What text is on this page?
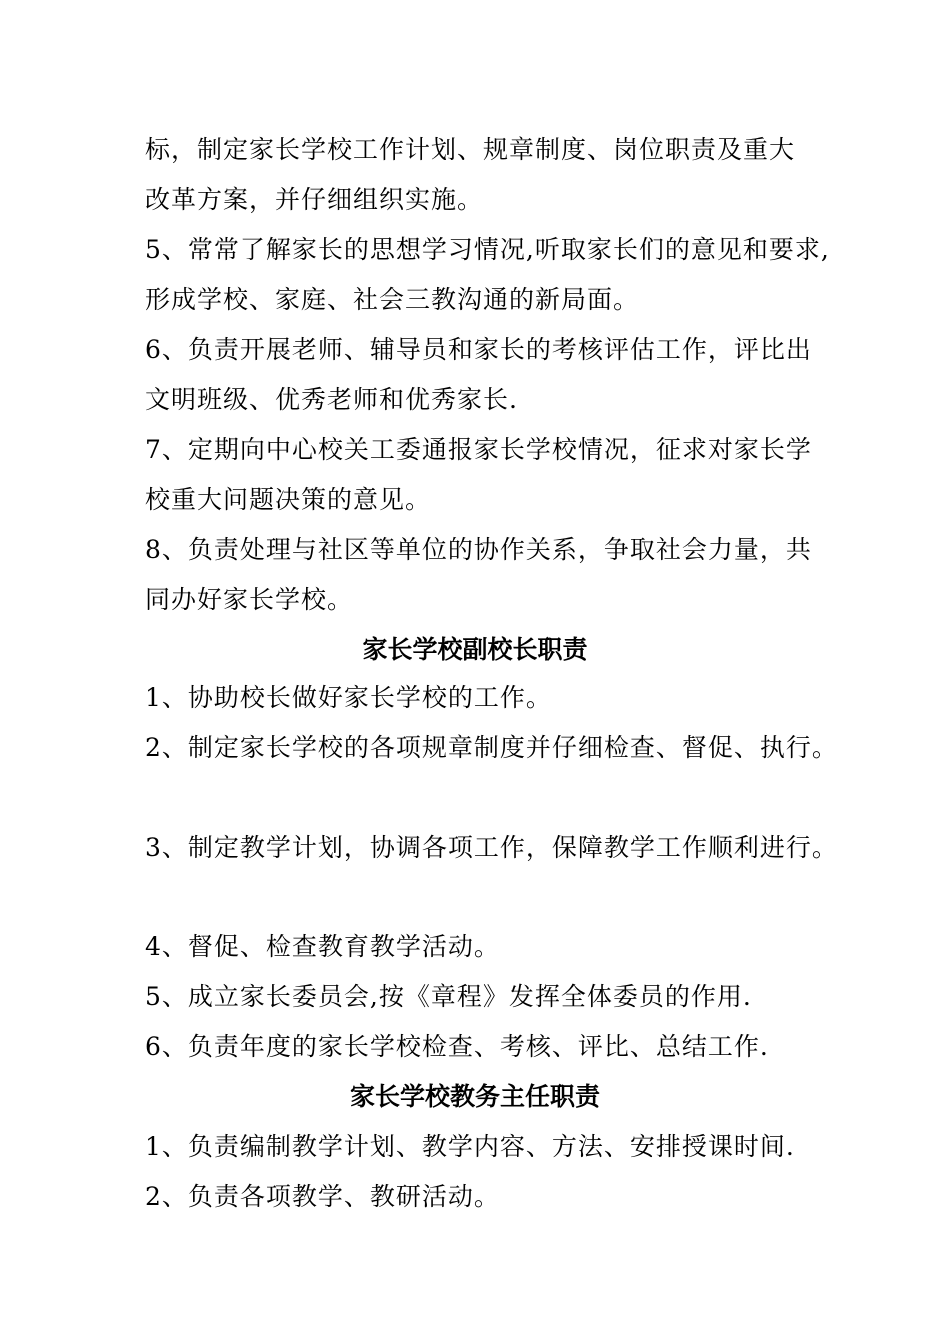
标，制定家长学校工作计划、规章制度、岗位职责及重大
改革方案，并仔细组织实施。
5、常常了解家长的思想学习情况,听取家长们的意见和要求,
形成学校、家庭、社会三教沟通的新局面。
6、负责开展老师、辅导员和家长的考核评估工作，评比出
文明班级、优秀老师和优秀家长.
7、定期向中心校关工委通报家长学校情况，征求对家长学
校重大问题决策的意见。
8、负责处理与社区等单位的协作关系，争取社会力量，共
同办好家长学校。
家长学校副校长职责
1、协助校长做好家长学校的工作。
2、制定家长学校的各项规章制度并仔细检查、督促、执行。
3、制定教学计划，协调各项工作，保障教学工作顺利进行。
4、督促、检查教育教学活动。
5、成立家长委员会,按《章程》发挥全体委员的作用.
6、负责年度的家长学校检查、考核、评比、总结工作.
家长学校教务主任职责
1、负责编制教学计划、教学内容、方法、安排授课时间.
2、负责各项教学、教研活动。
